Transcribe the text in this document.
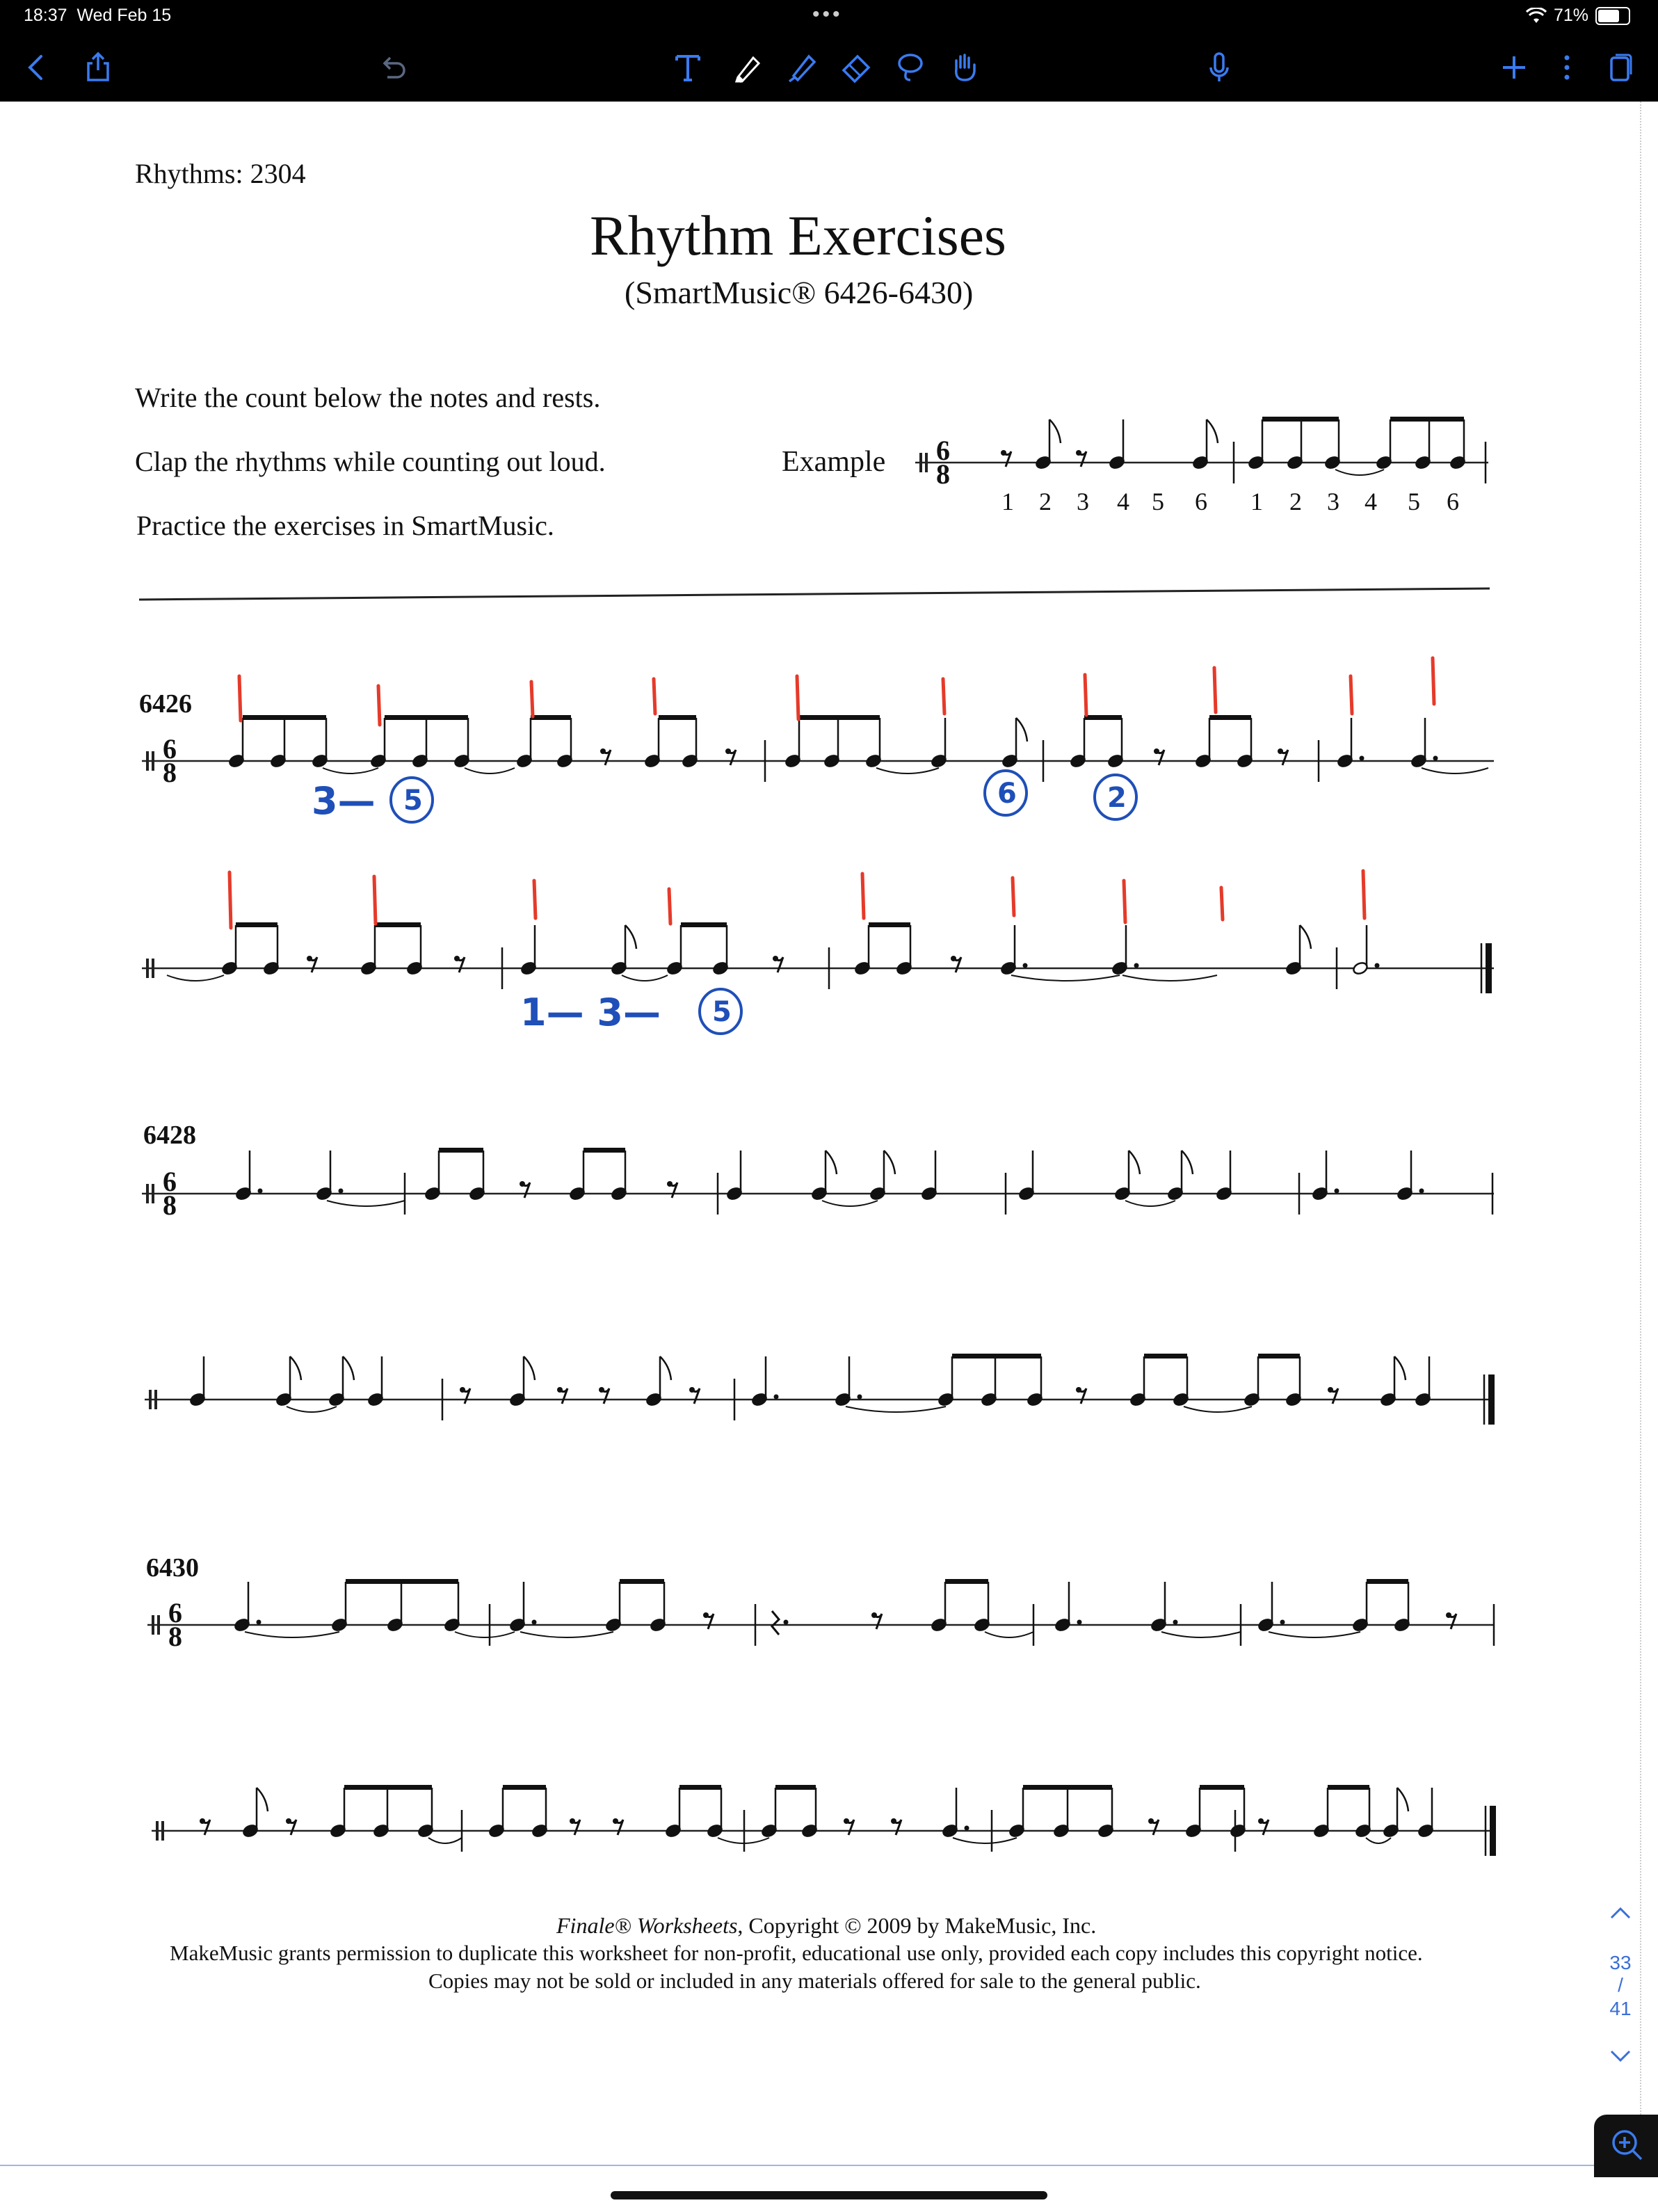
18:37 Wed Feb 15	•••	71%
Rhythms: 2304
Rhythm Exercises
(SmartMusic® 6426-6430)
Write the count below the notes and rests.
Clap the rhythms while counting out loud.
Practice the exercises in SmartMusic.
Example
1 2 3 4 5 6 1 2 3 4 5 6
6426
6428
6430
Finale® Worksheets, Copyright © 2009 by MakeMusic, Inc.
MakeMusic grants permission to duplicate this worksheet for non-profit, educational use only, provided each copy includes this copyright notice.
Copies may not be sold or included in any materials offered for sale to the general public.
6
8
6
8
3— 5	6	2
1— 3— 5
6
8
6
8
33
/
41
